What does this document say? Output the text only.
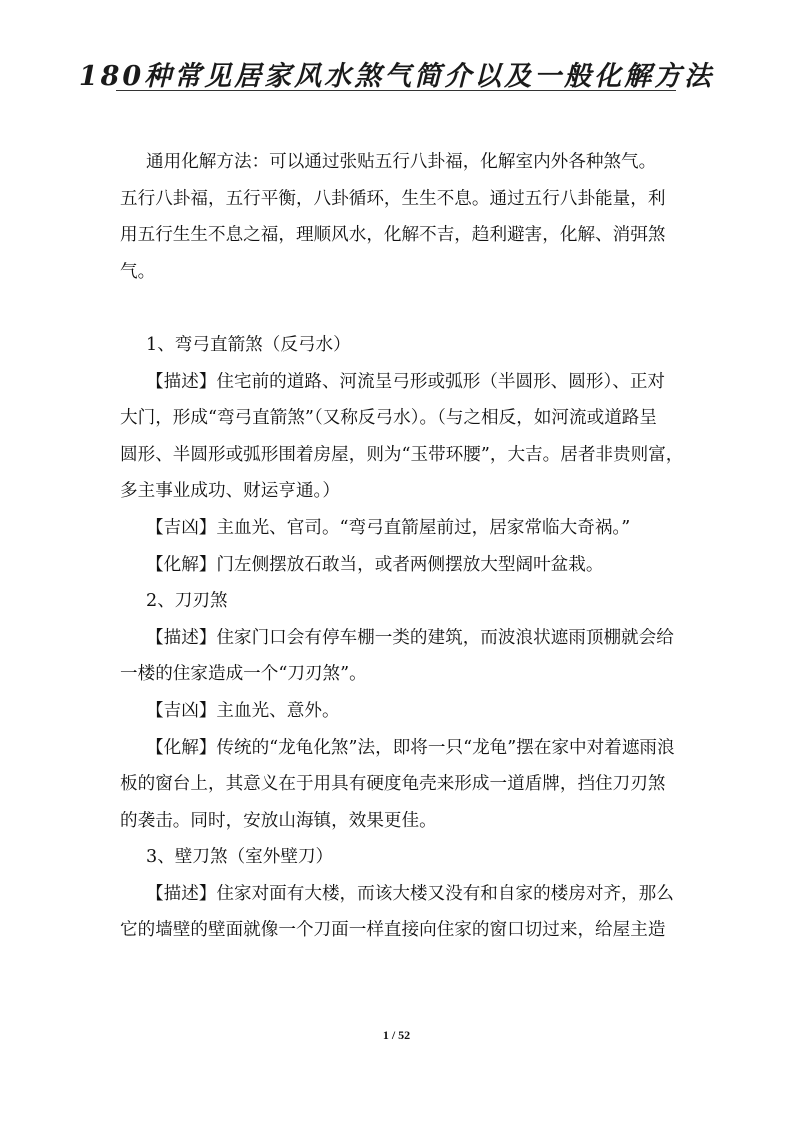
180种常见居家风水煞气简介以及一般化解方法
通用化解方法：可以通过张贴五行八卦福，化解室内外各种煞气。
五行八卦福，五行平衡，八卦循环，生生不息。通过五行八卦能量，利
用五行生生不息之福，理顺风水，化解不吉，趋利避害，化解、消弭煞
气。
1、弯弓直箭煞（反弓水）
【描述】住宅前的道路、河流呈弓形或弧形（半圆形、圆形）、正对
大门，形成“弯弓直箭煞”（又称反弓水）。（与之相反，如河流或道路呈
圆形、半圆形或弧形围着房屋，则为“玉带环腰”，大吉。居者非贵则富，
多主事业成功、财运亨通。）
【吉凶】主血光、官司。“弯弓直箭屋前过，居家常临大奇祸。”
【化解】门左侧摆放石敢当，或者两侧摆放大型阔叶盆栽。
2、刀刃煞
【描述】住家门口会有停车棚一类的建筑，而波浪状遮雨顶棚就会给
一楼的住家造成一个“刀刃煞”。
【吉凶】主血光、意外。
【化解】传统的“龙龟化煞”法，即将一只“龙龟”摆在家中对着遮雨浪
板的窗台上，其意义在于用具有硬度龟壳来形成一道盾牌，挡住刀刃煞
的袭击。同时，安放山海镇，效果更佳。
3、壁刀煞（室外壁刀）
【描述】住家对面有大楼，而该大楼又没有和自家的楼房对齐，那么
它的墙壁的壁面就像一个刀面一样直接向住家的窗口切过来，给屋主造
1 / 52
